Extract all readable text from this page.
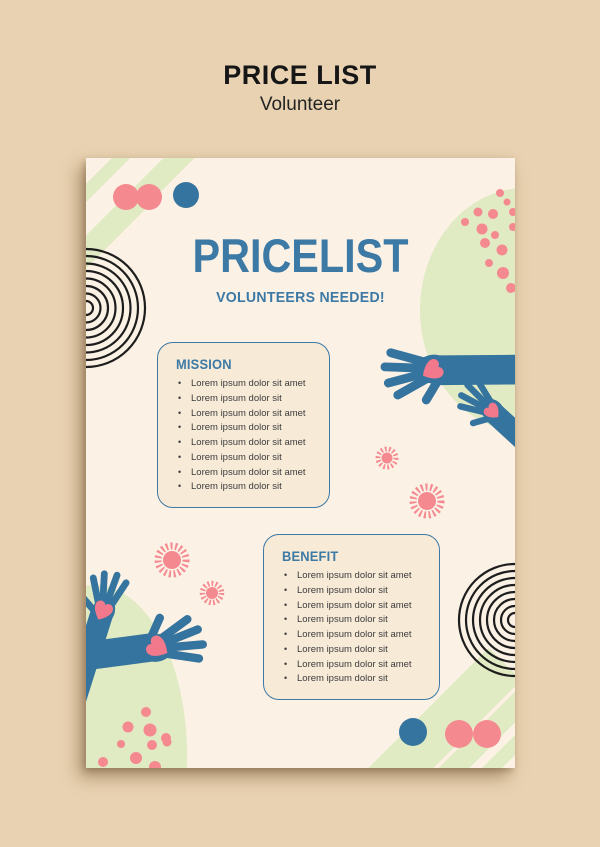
PRICE LIST
Volunteer
PRICELIST
VOLUNTEERS NEEDED!
MISSION
• Lorem ipsum dolor sit amet
• Lorem ipsum dolor sit
• Lorem ipsum dolor sit amet
• Lorem ipsum dolor sit
• Lorem ipsum dolor sit amet
• Lorem ipsum dolor sit
• Lorem ipsum dolor sit amet
• Lorem ipsum dolor sit
BENEFIT
• Lorem ipsum dolor sit amet
• Lorem ipsum dolor sit
• Lorem ipsum dolor sit amet
• Lorem ipsum dolor sit
• Lorem ipsum dolor sit amet
• Lorem ipsum dolor sit
• Lorem ipsum dolor sit amet
• Lorem ipsum dolor sit
